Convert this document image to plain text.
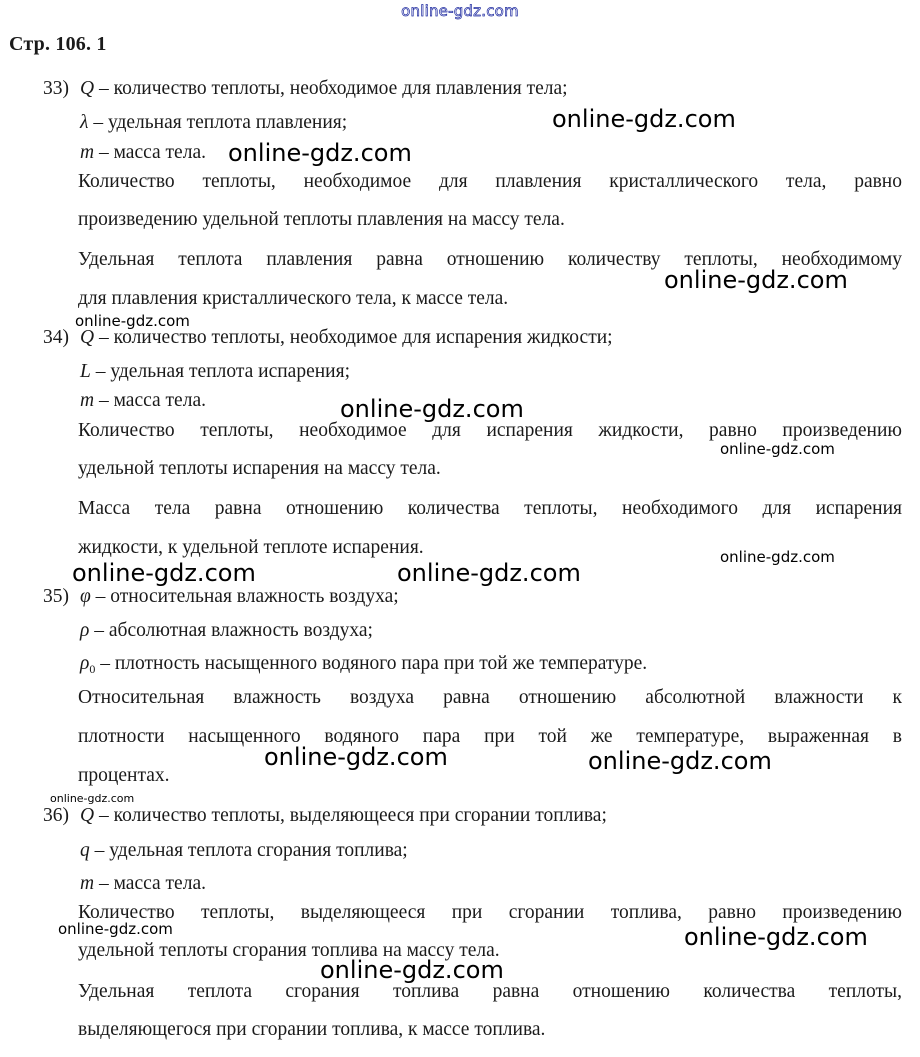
online-gdz.com
Стр. 106. 1
33) Q – количество теплоты, необходимое для плавления тела;
λ – удельная теплота плавления;
m – масса тела.
Количество теплоты, необходимое для плавления кристаллического тела, равно
произведению удельной теплоты плавления на массу тела.
Удельная теплота плавления равна отношению количеству теплоты, необходимому
для плавления кристаллического тела, к массе тела.
34) Q – количество теплоты, необходимое для испарения жидкости;
L – удельная теплота испарения;
m – масса тела.
Количество теплоты, необходимое для испарения жидкости, равно произведению
удельной теплоты испарения на массу тела.
Масса тела равна отношению количества теплоты, необходимого для испарения
жидкости, к удельной теплоте испарения.
35) φ – относительная влажность воздуха;
ρ – абсолютная влажность воздуха;
$\rho_0$ – плотность насыщенного водяного пара при той же температуре.
Относительная влажность воздуха равна отношению абсолютной влажности к
плотности насыщенного водяного пара при той же температуре, выраженная в
процентах.
36) Q – количество теплоты, выделяющееся при сгорании топлива;
q – удельная теплота сгорания топлива;
m – масса тела.
Количество теплоты, выделяющееся при сгорании топлива, равно произведению
удельной теплоты сгорания топлива на массу тела.
Удельная теплота сгорания топлива равна отношению количества теплоты,
выделяющегося при сгорании топлива, к массе топлива.
online-gdz.com
online-gdz.com
online-gdz.com
online-gdz.com
online-gdz.com
online-gdz.com
online-gdz.com
online-gdz.com	online-gdz.com
online-gdz.com	online-gdz.com
online-gdz.com
online-gdz.com	online-gdz.com
online-gdz.com
